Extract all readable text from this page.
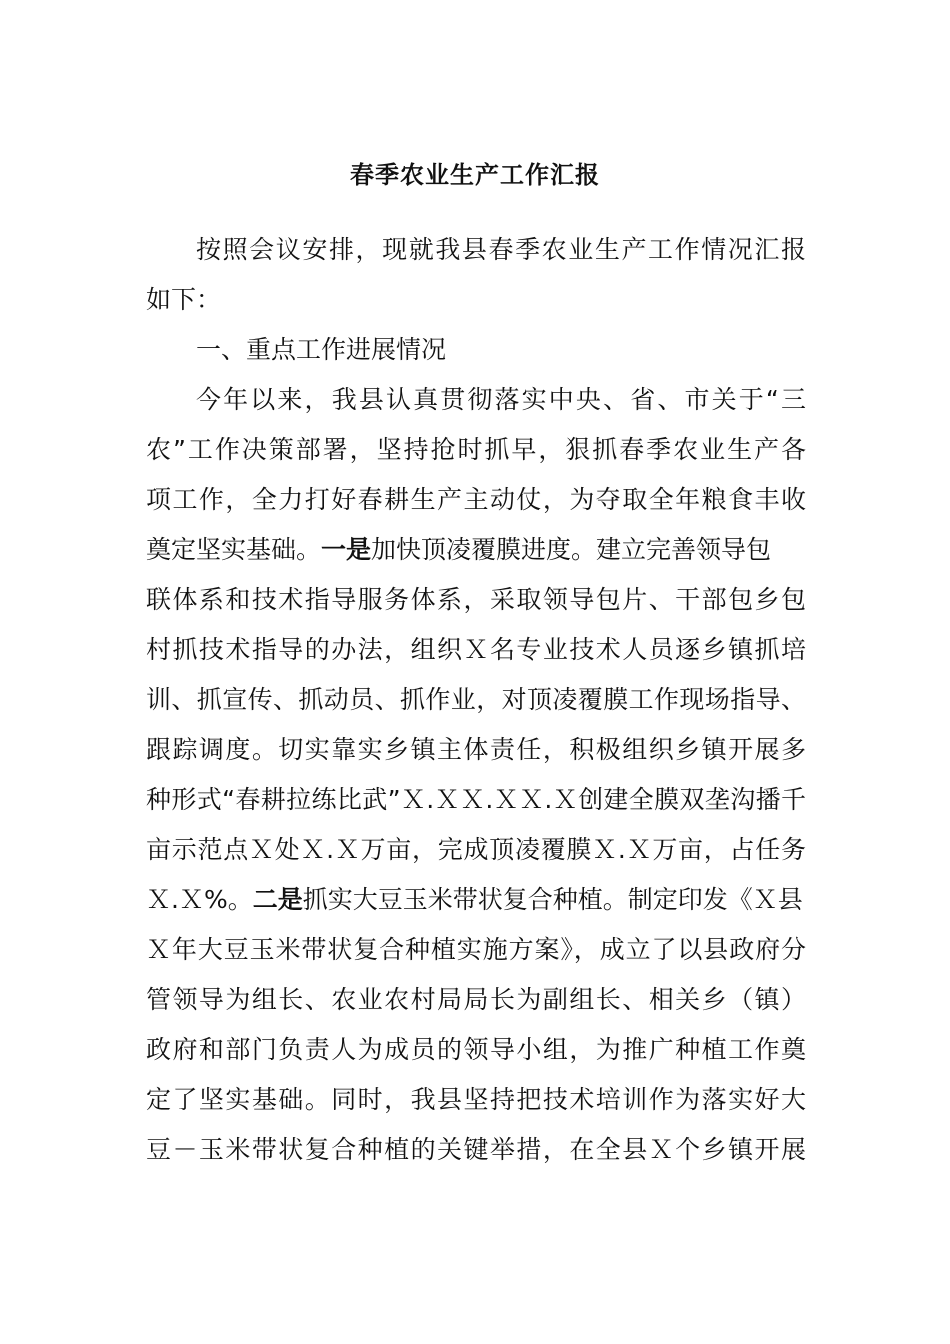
春季农业生产工作汇报
按照会议安排，现就我县春季农业生产工作情况汇报
如下：
一、重点工作进展情况
今年以来，我县认真贯彻落实中央、省、市关于“三
农”工作决策部署，坚持抢时抓早，狠抓春季农业生产各
项工作，全力打好春耕生产主动仗，为夺取全年粮食丰收
奠定坚实基础。一是加快顶凌覆膜进度。建立完善领导包
联体系和技术指导服务体系，采取领导包片、干部包乡包
村抓技术指导的办法，组织Ｘ名专业技术人员逐乡镇抓培
训、抓宣传、抓动员、抓作业，对顶凌覆膜工作现场指导、
跟踪调度。切实靠实乡镇主体责任，积极组织乡镇开展多
种形式“春耕拉练比武”Ｘ.ＸＸ.ＸＸ.Ｘ创建全膜双垄沟播千
亩示范点Ｘ处Ｘ.Ｘ万亩，完成顶凌覆膜Ｘ.Ｘ万亩，占任务
Ｘ.Ｘ%。二是抓实大豆玉米带状复合种植。制定印发《Ｘ县
Ｘ年大豆玉米带状复合种植实施方案》，成立了以县政府分
管领导为组长、农业农村局局长为副组长、相关乡（镇）
政府和部门负责人为成员的领导小组，为推广种植工作奠
定了坚实基础。同时，我县坚持把技术培训作为落实好大
豆－玉米带状复合种植的关键举措，在全县Ｘ个乡镇开展
